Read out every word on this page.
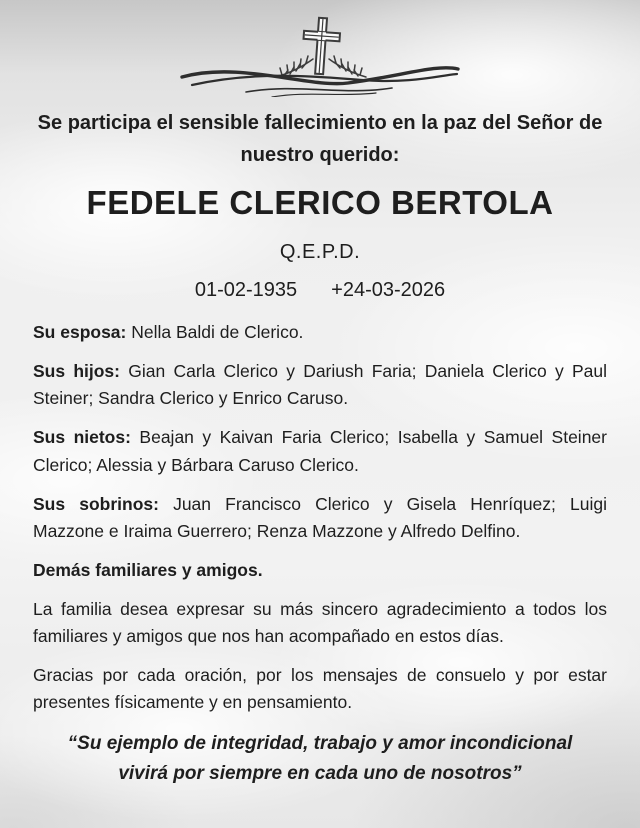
Se participa el sensible fallecimiento en la paz del Señor de nuestro querido:

FEDELE CLERICO BERTOLA

Q.E.P.D.

01-02-1935 +24-03-2026

Su esposa: Nella Baldi de Clerico.

Sus hijos: Gian Carla Clerico y Dariush Faria; Daniela Clerico y Paul Steiner; Sandra Clerico y Enrico Caruso.

Sus nietos: Beajan y Kaivan Faria Clerico; Isabella y Samuel Steiner Clerico; Alessia y Bárbara Caruso Clerico.

Sus sobrinos: Juan Francisco Clerico y Gisela Henríquez; Luigi Mazzone e Iraima Guerrero; Renza Mazzone y Alfredo Delfino.

Demás familiares y amigos.

La familia desea expresar su más sincero agradecimiento a todos los familiares y amigos que nos han acompañado en estos días.

Gracias por cada oración, por los mensajes de consuelo y por estar presentes físicamente y en pensamiento.

“Su ejemplo de integridad, trabajo y amor incondicional vivirá por siempre en cada uno de nosotros”
